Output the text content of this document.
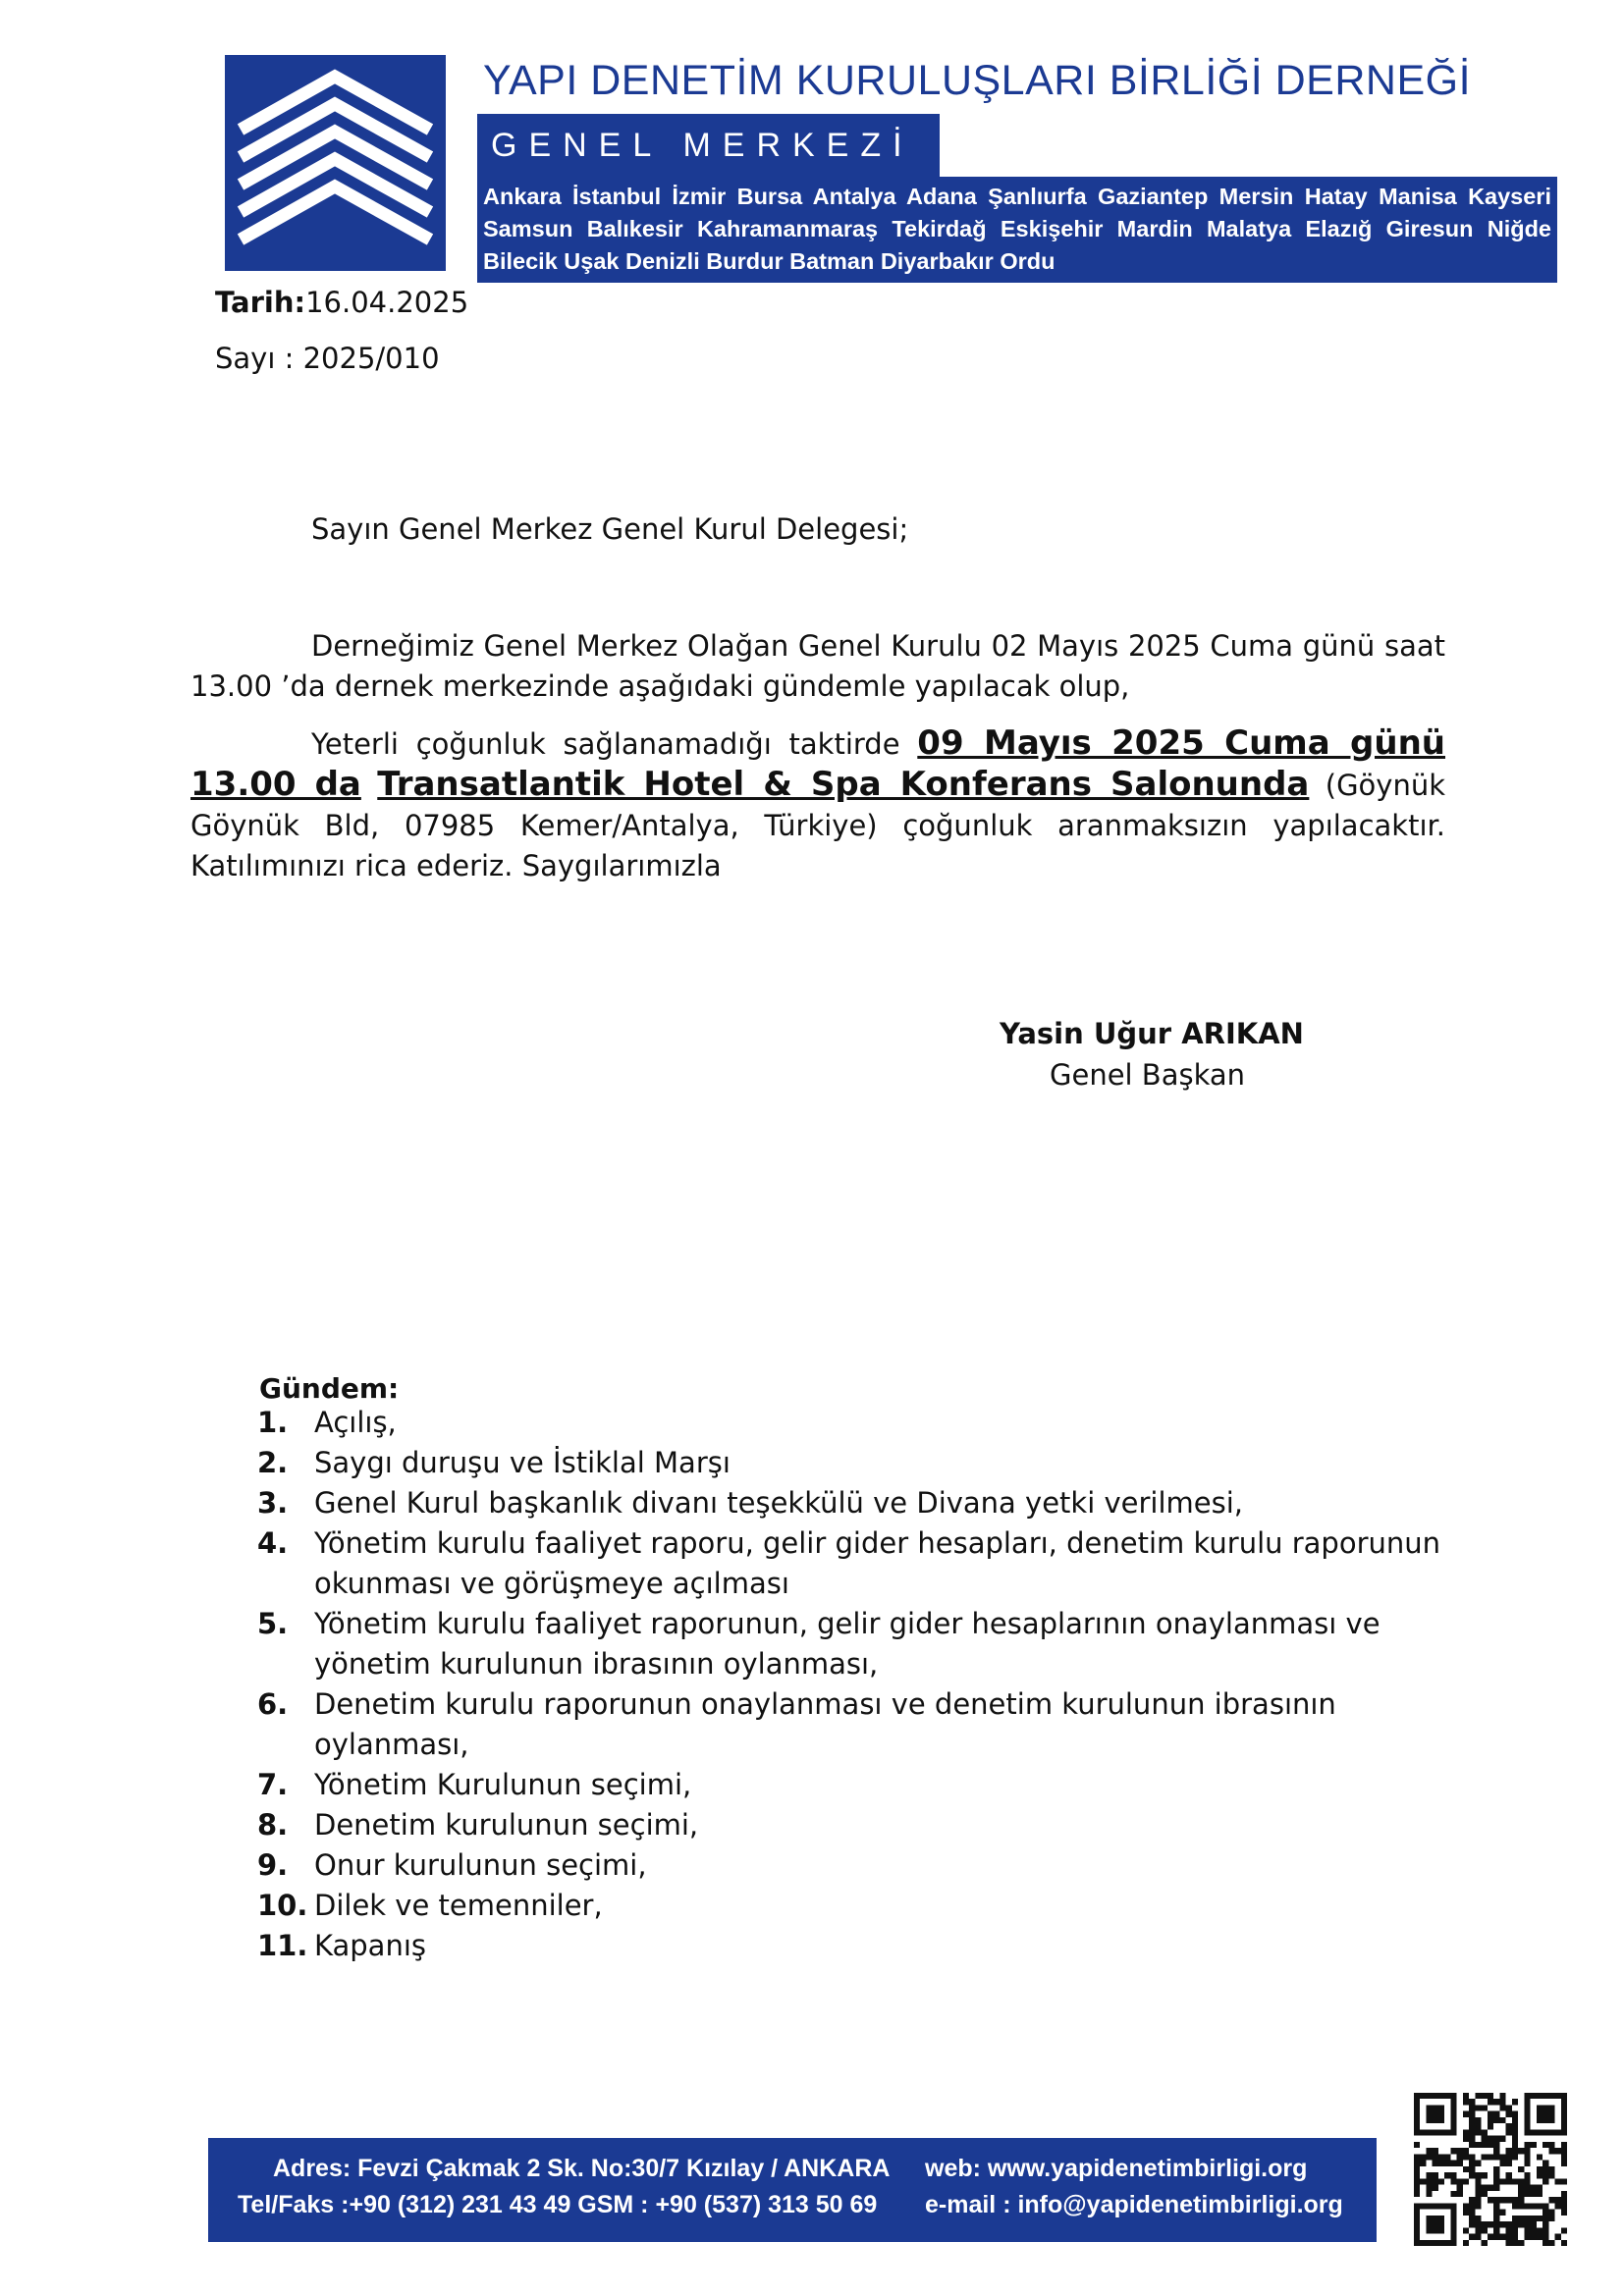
YAPI DENETİM KURULUŞLARI BİRLİĞİ DERNEĞİ
GENEL MERKEZİ
Ankara İstanbul İzmir Bursa Antalya Adana Şanlıurfa Gaziantep Mersin Hatay Manisa Kayseri
Samsun Balıkesir Kahramanmaraş Tekirdağ Eskişehir Mardin Malatya Elazığ Giresun Niğde
Bilecik Uşak Denizli Burdur Batman Diyarbakır Ordu
Tarih:16.04.2025
Sayı : 2025/010
Sayın Genel Merkez Genel Kurul Delegesi;
Derneğimiz Genel Merkez Olağan Genel Kurulu 02 Mayıs 2025 Cuma günü saat 13.00 ’da dernek merkezinde aşağıdaki gündemle yapılacak olup,
Yeterli çoğunluk sağlanamadığı taktirde 09 Mayıs 2025 Cuma günü 13.00 da Transatlantik Hotel & Spa Konferans Salonunda (Göynük Göynük Bld, 07985 Kemer/Antalya, Türkiye) çoğunluk aranmaksızın yapılacaktır. Katılımınızı rica ederiz. Saygılarımızla
Yasin Uğur ARIKAN
Genel Başkan
Gündem:
1. Açılış,
2. Saygı duruşu ve İstiklal Marşı
3. Genel Kurul başkanlık divanı teşekkülü ve Divana yetki verilmesi,
4. Yönetim kurulu faaliyet raporu, gelir gider hesapları, denetim kurulu raporunun okunması ve görüşmeye açılması
5. Yönetim kurulu faaliyet raporunun, gelir gider hesaplarının onaylanması ve yönetim kurulunun ibrasının oylanması,
6. Denetim kurulu raporunun onaylanması ve denetim kurulunun ibrasının oylanması,
7. Yönetim Kurulunun seçimi,
8. Denetim kurulunun seçimi,
9. Onur kurulunun seçimi,
10. Dilek ve temenniler,
11. Kapanış
Adres: Fevzi Çakmak 2 Sk. No:30/7 Kızılay / ANKARA web: www.yapidenetimbirligi.org
Tel/Faks :+90 (312) 231 43 49 GSM : +90 (537) 313 50 69 e-mail : info@yapidenetimbirligi.org
